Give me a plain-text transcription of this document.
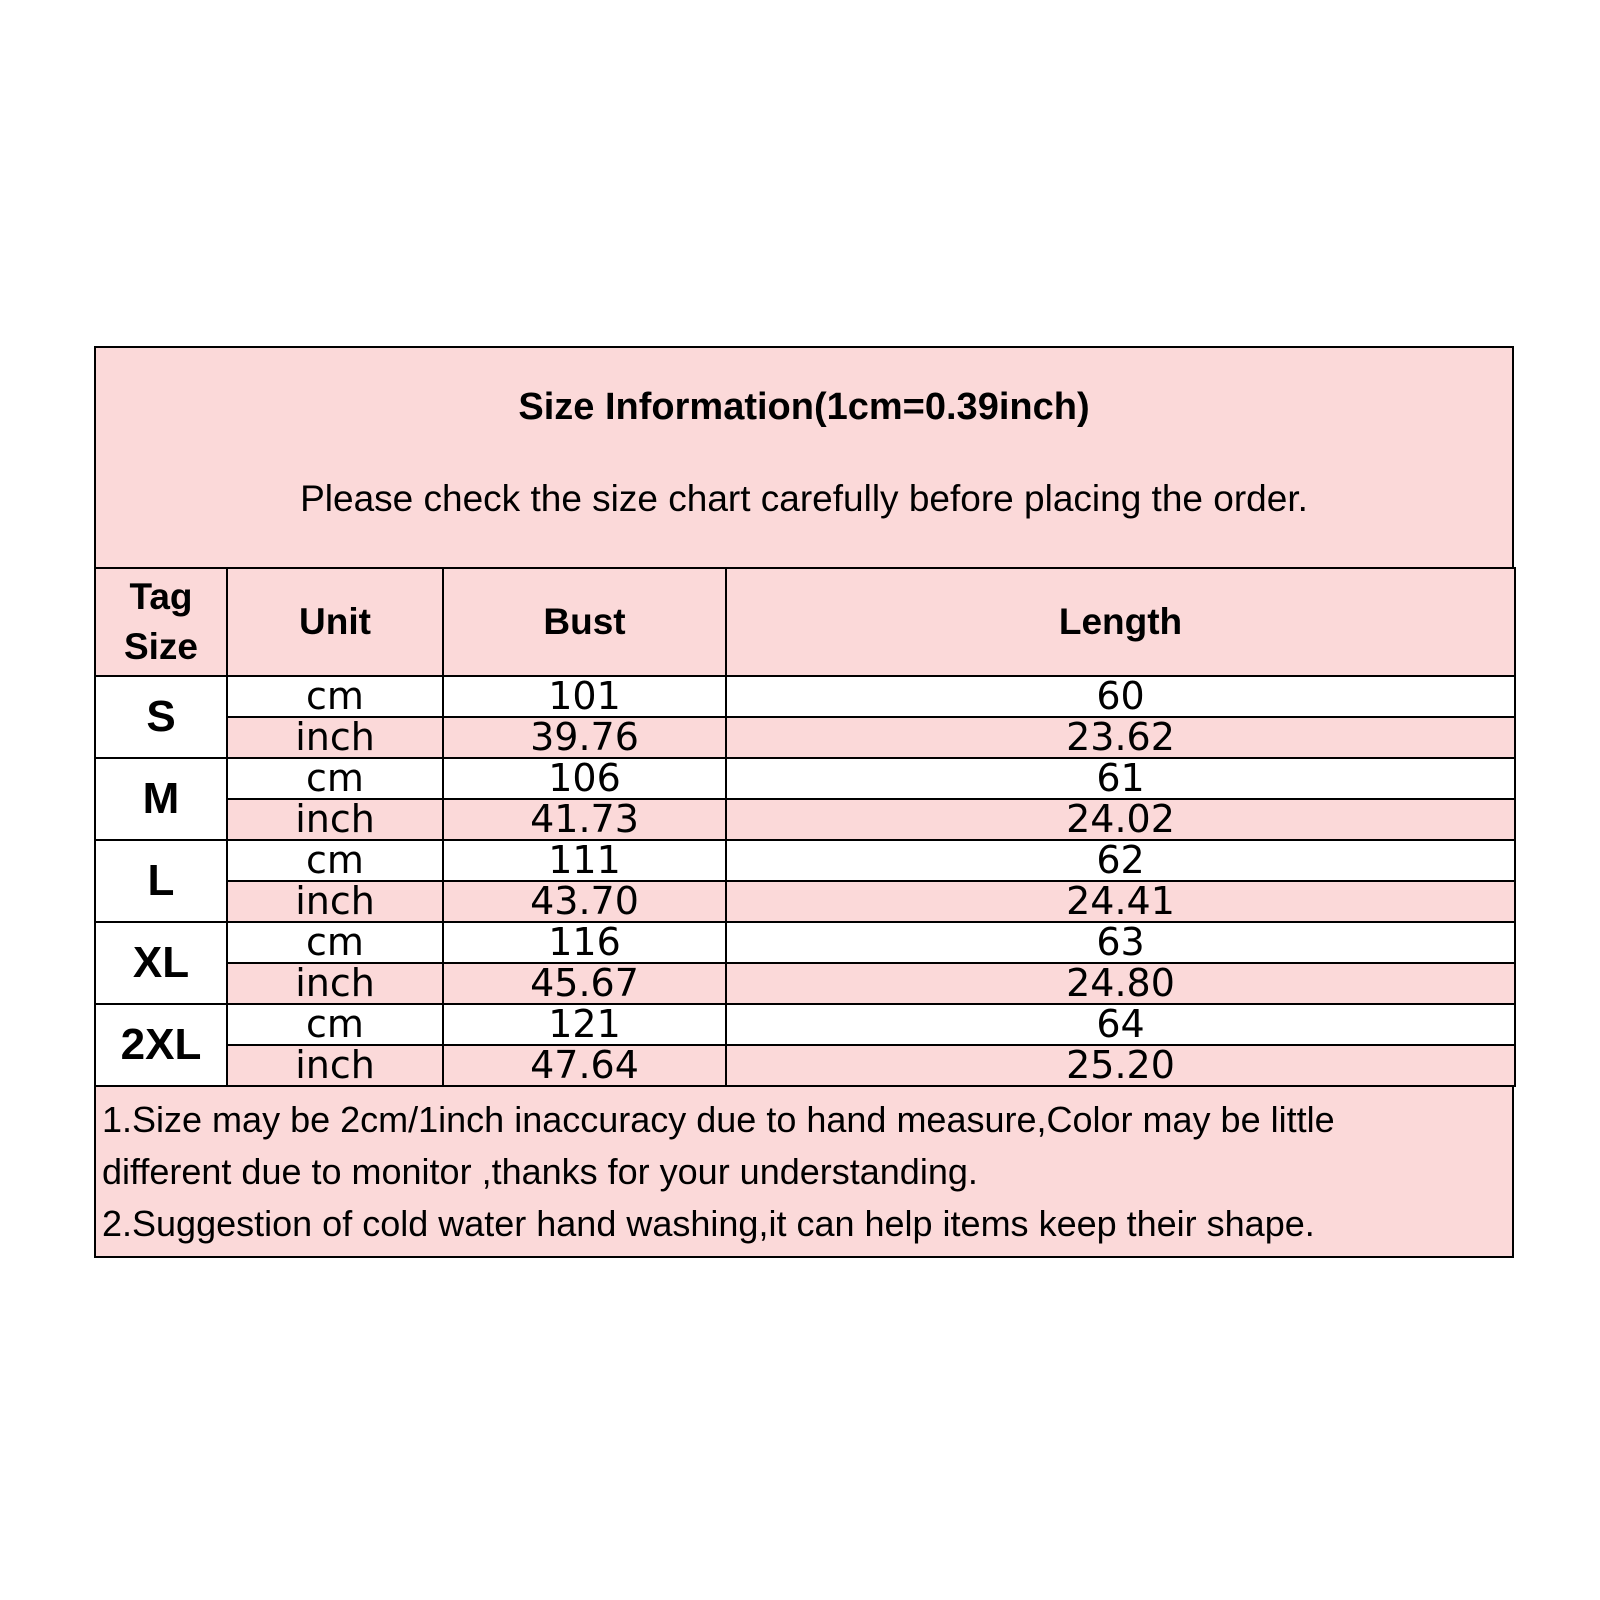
Size Information(1cm=0.39inch)
Please check the size chart carefully before placing the order.
Tag
Size	Unit	Bust	Length
S	cm	101	60
	inch	39.76	23.62
M	cm	106	61
	inch	41.73	24.02
L	cm	111	62
	inch	43.70	24.41
XL	cm	116	63
	inch	45.67	24.80
2XL	cm	121	64
	inch	47.64	25.20
1.Size may be 2cm/1inch inaccuracy due to hand measure,Color may be little
different due to monitor ,thanks for your understanding.
2.Suggestion of cold water hand washing,it can help items keep their shape.
